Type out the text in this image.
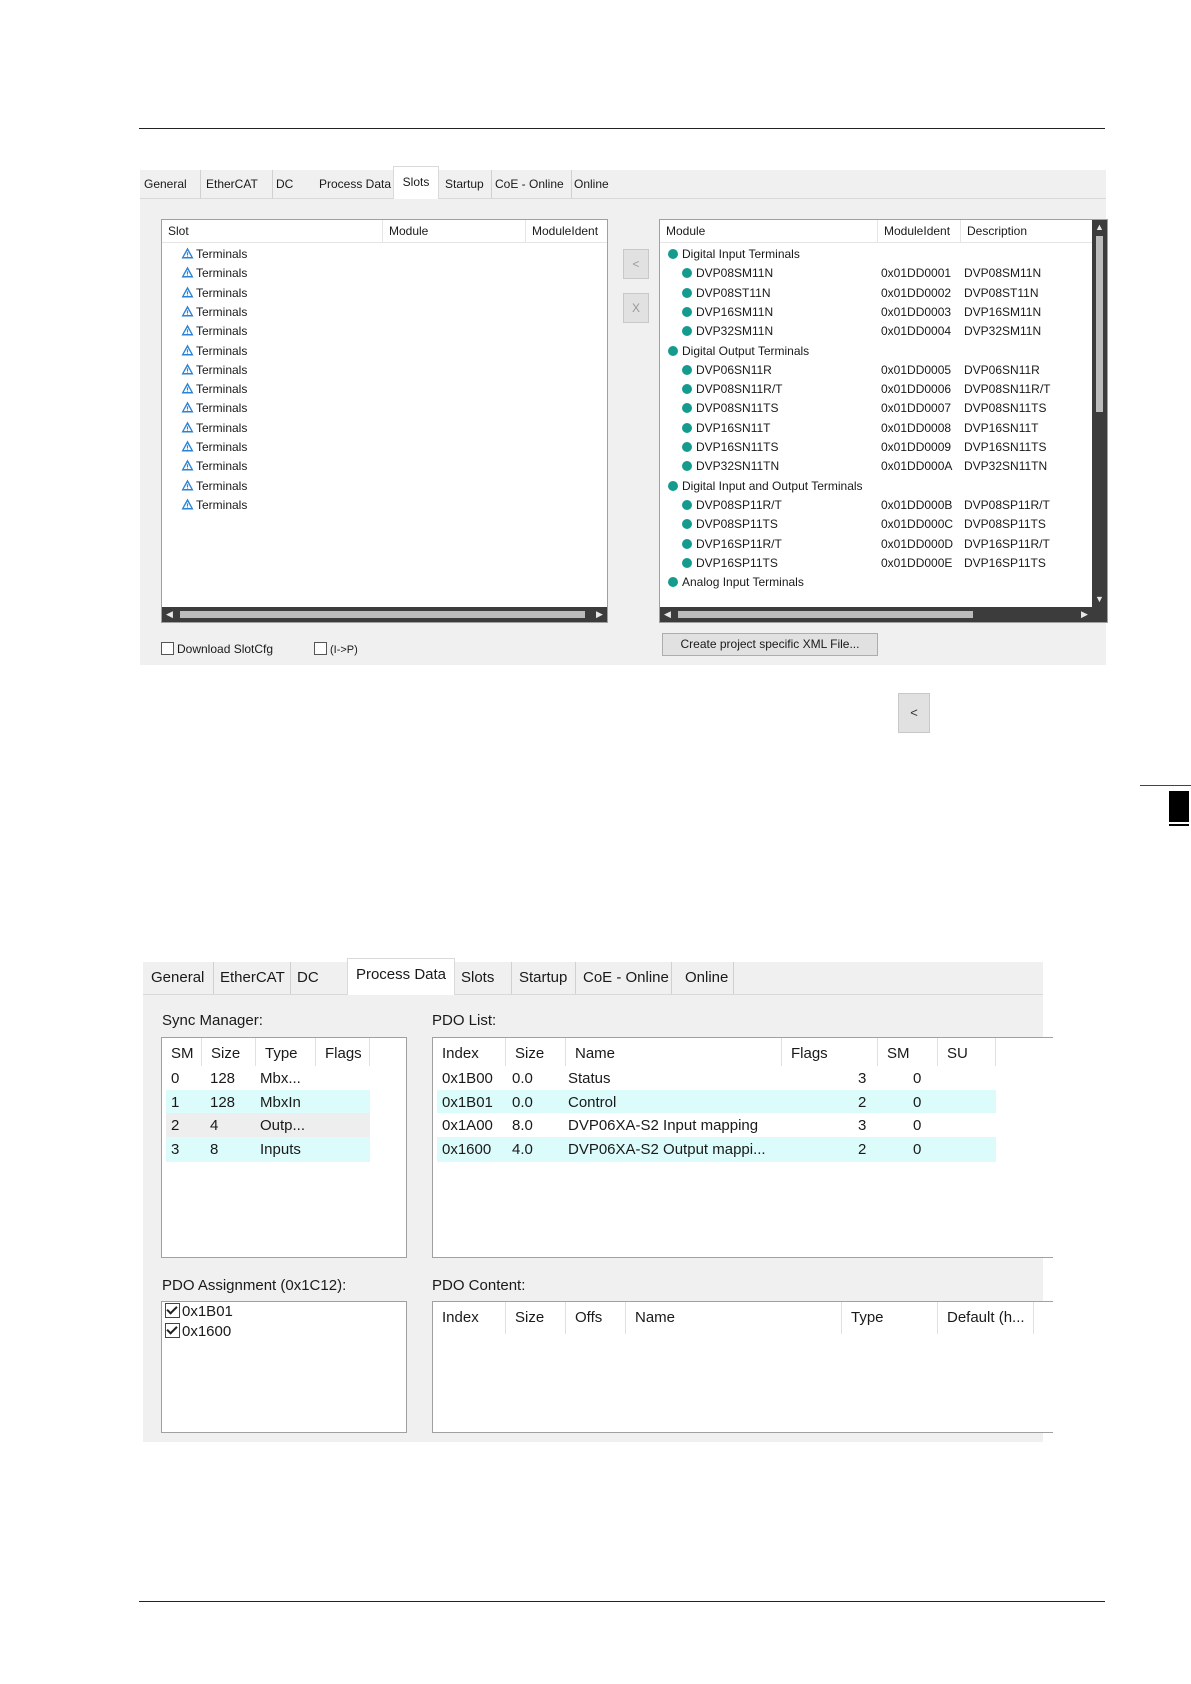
General	EtherCAT	DC	Process Data Slots	Startup CoE - Online Online
Slot	Module	ModuleIdent
Terminals
Terminals
Terminals
Terminals
Terminals
Terminals
Terminals
Terminals
Terminals
Terminals
Terminals
Terminals
Terminals
Terminals
◀	▶
<
X
Module	ModuleIdent	Description
Digital Input Terminals
DVP08SM11N	0x01DD0001 DVP08SM11N
DVP08ST11N	0x01DD0002 DVP08ST11N
DVP16SM11N	0x01DD0003 DVP16SM11N
DVP32SM11N	0x01DD0004 DVP32SM11N
Digital Output Terminals
DVP06SN11R	0x01DD0005 DVP06SN11R
DVP08SN11R/T	0x01DD0006 DVP08SN11R/T
DVP08SN11TS	0x01DD0007 DVP08SN11TS
DVP16SN11T	0x01DD0008 DVP16SN11T
DVP16SN11TS	0x01DD0009 DVP16SN11TS
DVP32SN11TN	0x01DD000A DVP32SN11TN
Digital Input and Output Terminals
DVP08SP11R/T	0x01DD000B DVP08SP11R/T
DVP08SP11TS	0x01DD000C DVP08SP11TS
DVP16SP11R/T	0x01DD000D DVP16SP11R/T
DVP16SP11TS	0x01DD000E DVP16SP11TS
Analog Input Terminals
▲
▼
◀	▶
Download SlotCfg	(I->P)	Create project specific XML File...
<
General	EtherCAT DC	Process Data Slots	Startup	CoE - Online Online
Sync Manager:	PDO List:
SM	Size	Type	Flags
0 128 Mbx...
1 128 MbxIn
2 4	Outp...
3 8	Inputs
Index	Size	Name	Flags	SM	SU
0x1B00 0.0 Status	3	0
0x1B01 0.0 Control	2	0
0x1A00 8.0 DVP06XA-S2 Input mapping	3	0
0x1600 4.0 DVP06XA-S2 Output mappi...	2	0
PDO Assignment (0x1C12):	PDO Content:
0x1B01
0x1600
Index	Size	Offs	Name	Type	Default (h...
